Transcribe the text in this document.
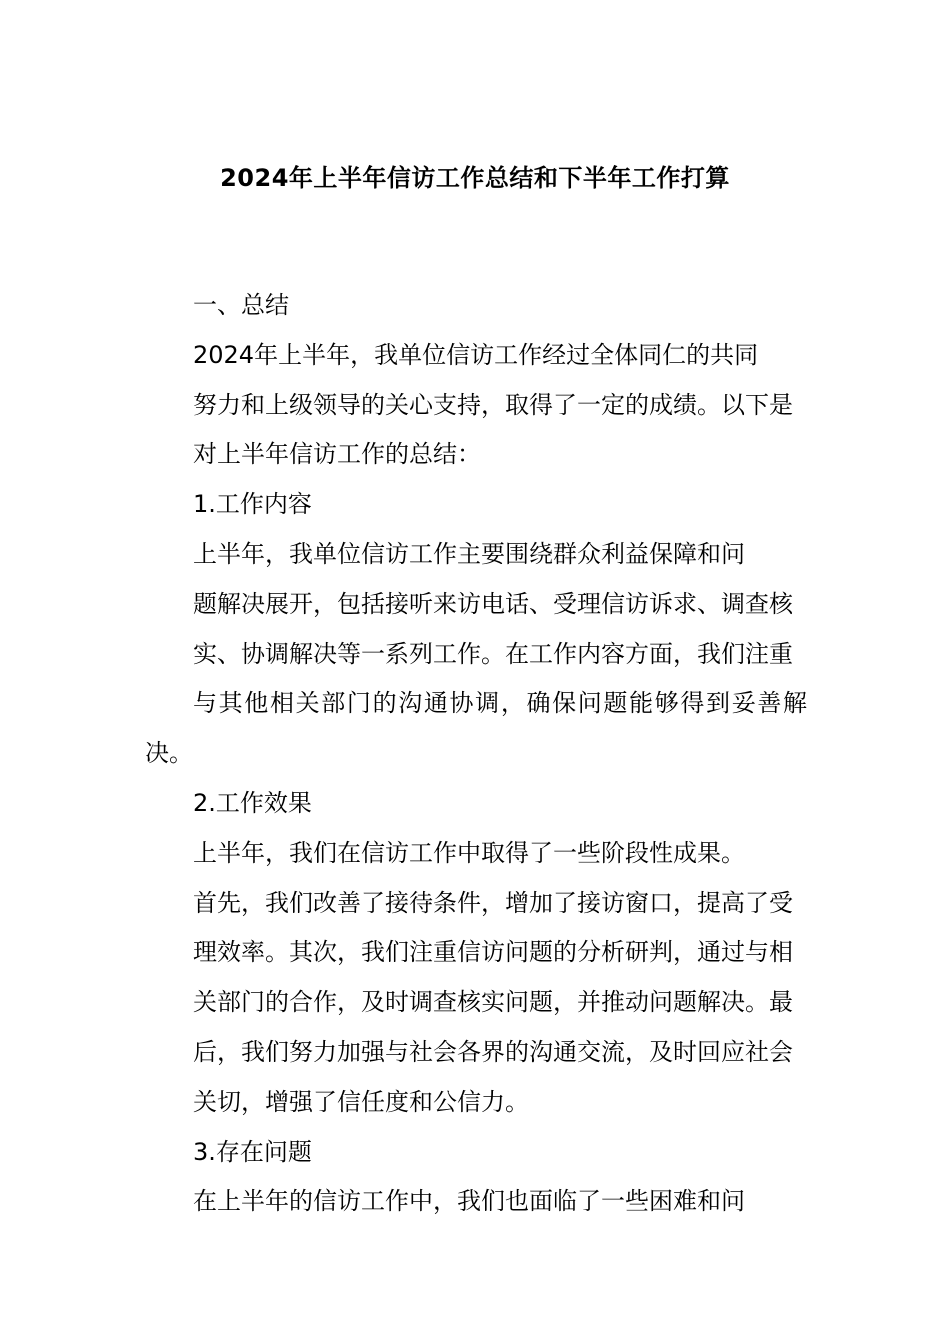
2024年上半年信访工作总结和下半年工作打算

一、总结

2024年上半年，我单位信访工作经过全体同仁的共同
努力和上级领导的关心支持，取得了一定的成绩。以下是
对上半年信访工作的总结：

1.工作内容

上半年，我单位信访工作主要围绕群众利益保障和问
题解决展开，包括接听来访电话、受理信访诉求、调查核
实、协调解决等一系列工作。在工作内容方面，我们注重
与其他相关部门的沟通协调，确保问题能够得到妥善解决。

2.工作效果

上半年，我们在信访工作中取得了一些阶段性成果。
首先，我们改善了接待条件，增加了接访窗口，提高了受
理效率。其次，我们注重信访问题的分析研判，通过与相
关部门的合作，及时调查核实问题，并推动问题解决。最
后，我们努力加强与社会各界的沟通交流，及时回应社会
关切，增强了信任度和公信力。

3.存在问题

在上半年的信访工作中，我们也面临了一些困难和问
